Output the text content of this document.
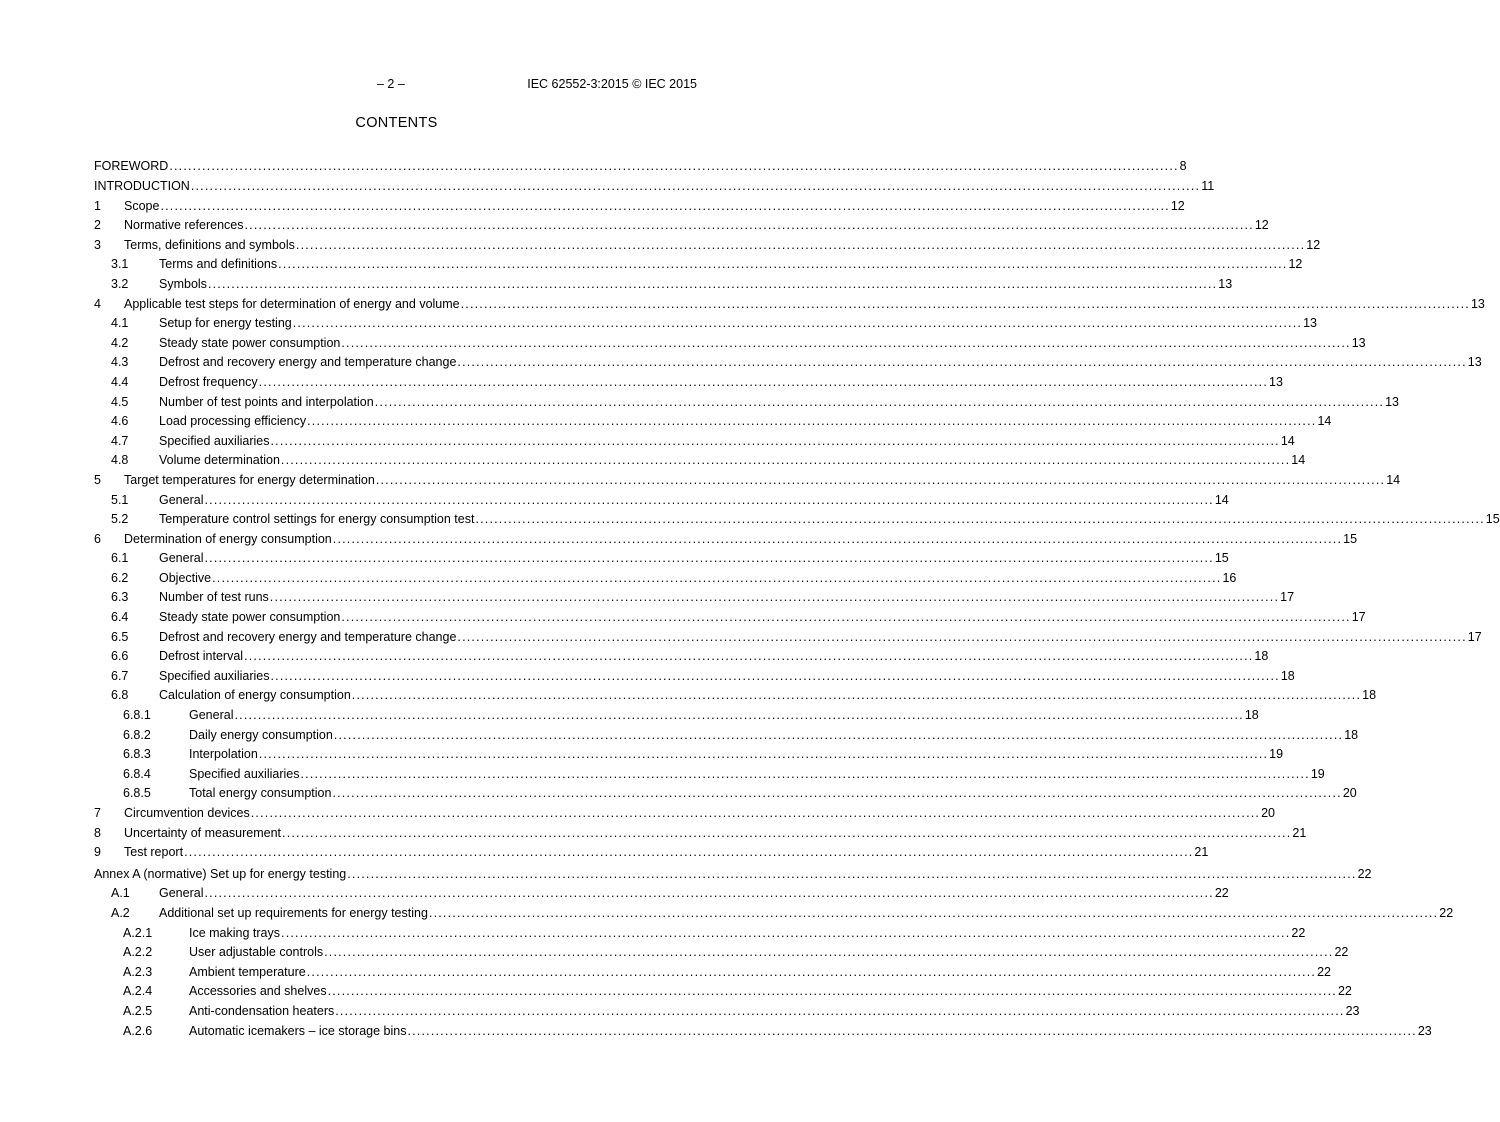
– 2 –	IEC 62552-3:2015 © IEC 2015
CONTENTS
FOREWORD .....	8
INTRODUCTION .....	11
1	Scope .....	12
2	Normative references .....	12
3	Terms, definitions and symbols .....	12
3.1	Terms and definitions .....	12
3.2	Symbols .....	13
4	Applicable test steps for determination of energy and volume .....	13
4.1	Setup for energy testing .....	13
4.2	Steady state power consumption .....	13
4.3	Defrost and recovery energy and temperature change .....	13
4.4	Defrost frequency .....	13
4.5	Number of test points and interpolation .....	13
4.6	Load processing efficiency .....	14
4.7	Specified auxiliaries .....	14
4.8	Volume determination .....	14
5	Target temperatures for energy determination .....	14
5.1	General .....	14
5.2	Temperature control settings for energy consumption test .....	15
6	Determination of energy consumption .....	15
6.1	General .....	15
6.2	Objective .....	16
6.3	Number of test runs .....	17
6.4	Steady state power consumption .....	17
6.5	Defrost and recovery energy and temperature change .....	17
6.6	Defrost interval .....	18
6.7	Specified auxiliaries .....	18
6.8	Calculation of energy consumption .....	18
6.8.1	General .....	18
6.8.2	Daily energy consumption .....	18
6.8.3	Interpolation .....	19
6.8.4	Specified auxiliaries .....	19
6.8.5	Total energy consumption .....	20
7	Circumvention devices .....	20
8	Uncertainty of measurement .....	21
9	Test report .....	21
Annex A (normative) Set up for energy testing .....	22
A.1	General .....	22
A.2	Additional set up requirements for energy testing .....	22
A.2.1	Ice making trays .....	22
A.2.2	User adjustable controls .....	22
A.2.3	Ambient temperature .....	22
A.2.4	Accessories and shelves .....	22
A.2.5	Anti-condensation heaters .....	23
A.2.6	Automatic icemakers – ice storage bins .....	23
